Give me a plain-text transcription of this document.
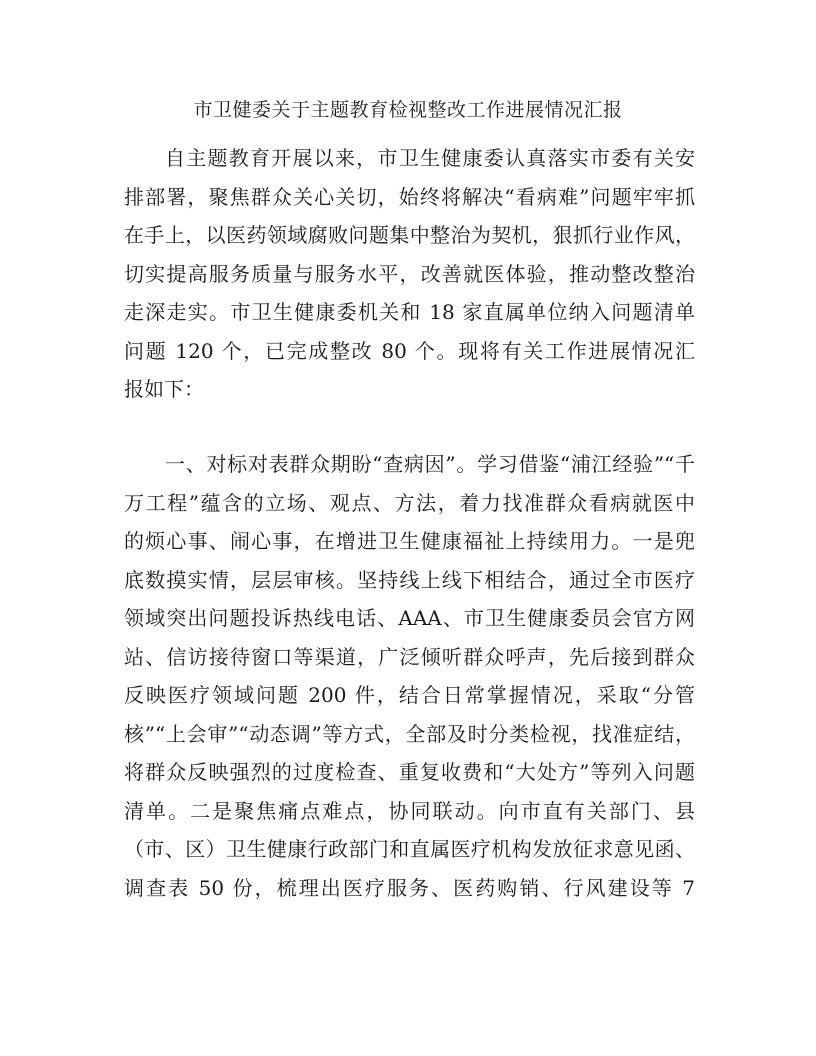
市卫健委关于主题教育检视整改工作进展情况汇报
自主题教育开展以来，市卫生健康委认真落实市委有关安
排部署，聚焦群众关心关切，始终将解决“看病难”问题牢牢抓
在手上，以医药领域腐败问题集中整治为契机，狠抓行业作风，
切实提高服务质量与服务水平，改善就医体验，推动整改整治
走深走实。市卫生健康委机关和 18 家直属单位纳入问题清单
问题 120 个，已完成整改 80 个。现将有关工作进展情况汇
报如下：
一、对标对表群众期盼“查病因”。学习借鉴“浦江经验”“千
万工程”蕴含的立场、观点、方法，着力找准群众看病就医中
的烦心事、闹心事，在增进卫生健康福祉上持续用力。一是兜
底数摸实情，层层审核。坚持线上线下相结合，通过全市医疗
领域突出问题投诉热线电话、AAA、市卫生健康委员会官方网
站、信访接待窗口等渠道，广泛倾听群众呼声，先后接到群众
反映医疗领域问题 200 件，结合日常掌握情况，采取“分管
核”“上会审”“动态调”等方式，全部及时分类检视，找准症结，
将群众反映强烈的过度检查、重复收费和“大处方”等列入问题
清单。二是聚焦痛点难点，协同联动。向市直有关部门、县
（市、区）卫生健康行政部门和直属医疗机构发放征求意见函、
调查表 50 份，梳理出医疗服务、医药购销、行风建设等 7
